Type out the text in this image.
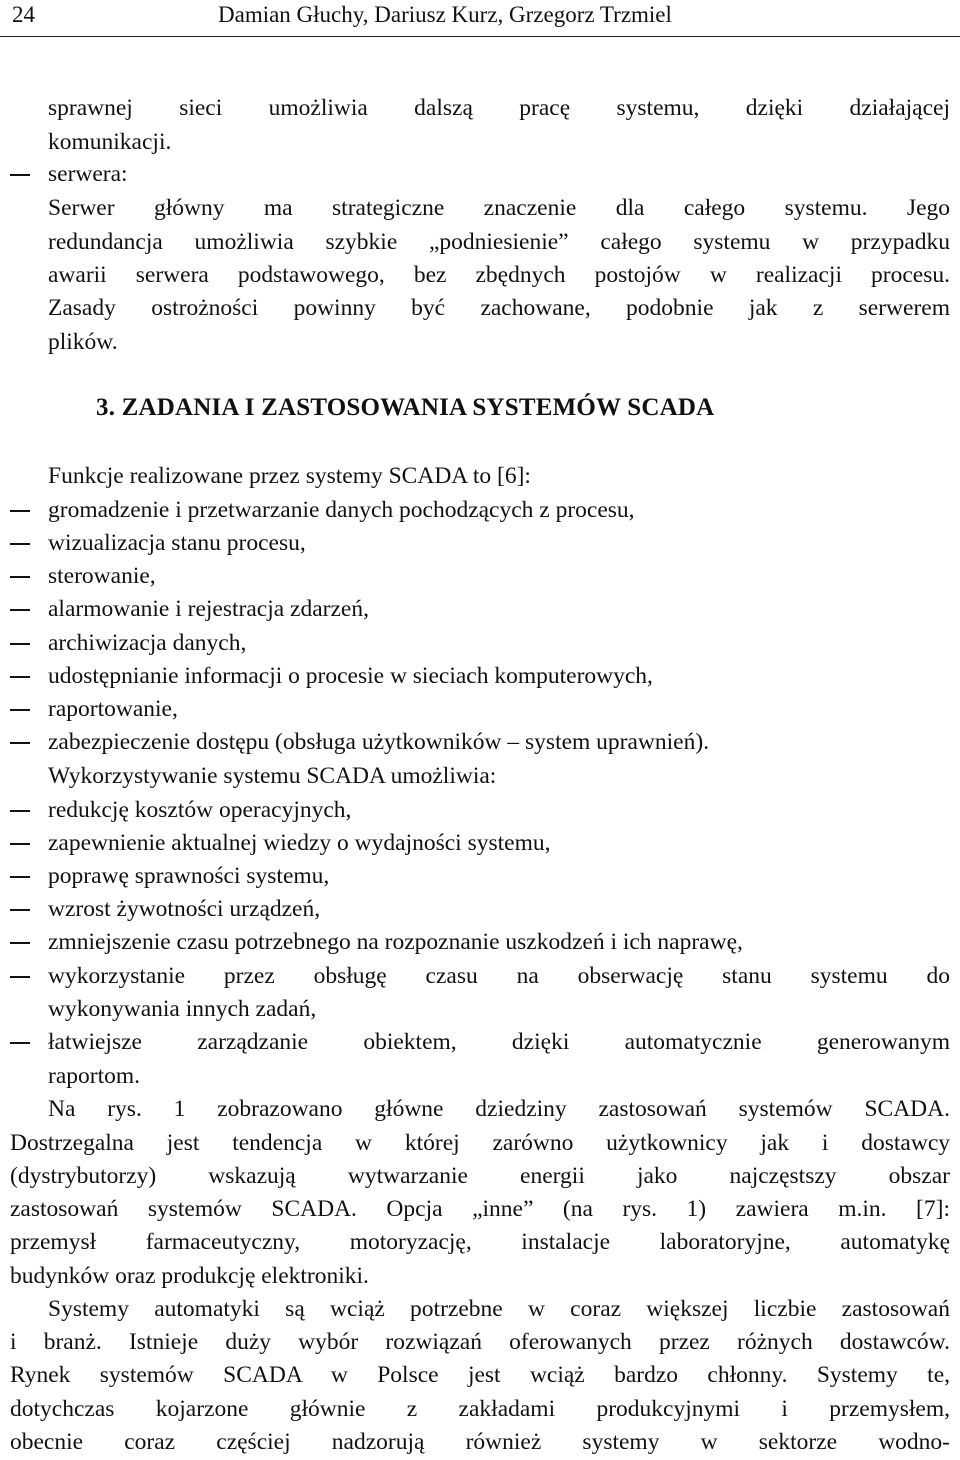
24	Damian Głuchy, Dariusz Kurz, Grzegorz Trzmiel
sprawnej sieci umożliwia dalszą pracę systemu, dzięki działającej
komunikacji.
serwera:
Serwer główny ma strategiczne znaczenie dla całego systemu. Jego
redundancja umożliwia szybkie „podniesienie” całego systemu w przypadku
awarii serwera podstawowego, bez zbędnych postojów w realizacji procesu.
Zasady ostrożności powinny być zachowane, podobnie jak z serwerem
plików.
3. ZADANIA I ZASTOSOWANIA SYSTEMÓW SCADA
Funkcje realizowane przez systemy SCADA to [6]:
gromadzenie i przetwarzanie danych pochodzących z procesu,
wizualizacja stanu procesu,
sterowanie,
alarmowanie i rejestracja zdarzeń,
archiwizacja danych,
udostępnianie informacji o procesie w sieciach komputerowych,
raportowanie,
zabezpieczenie dostępu (obsługa użytkowników – system uprawnień).
Wykorzystywanie systemu SCADA umożliwia:
redukcję kosztów operacyjnych,
zapewnienie aktualnej wiedzy o wydajności systemu,
poprawę sprawności systemu,
wzrost żywotności urządzeń,
zmniejszenie czasu potrzebnego na rozpoznanie uszkodzeń i ich naprawę,
wykorzystanie przez obsługę czasu na obserwację stanu systemu do
wykonywania innych zadań,
łatwiejsze zarządzanie obiektem, dzięki automatycznie generowanym
raportom.
Na rys. 1 zobrazowano główne dziedziny zastosowań systemów SCADA.
Dostrzegalna jest tendencja w której zarówno użytkownicy jak i dostawcy
(dystrybutorzy) wskazują wytwarzanie energii jako najczęstszy obszar
zastosowań systemów SCADA. Opcja „inne” (na rys. 1) zawiera m.in. [7]:
przemysł farmaceutyczny, motoryzację, instalacje laboratoryjne, automatykę
budynków oraz produkcję elektroniki.
Systemy automatyki są wciąż potrzebne w coraz większej liczbie zastosowań
i branż. Istnieje duży wybór rozwiązań oferowanych przez różnych dostawców.
Rynek systemów SCADA w Polsce jest wciąż bardzo chłonny. Systemy te,
dotychczas kojarzone głównie z zakładami produkcyjnymi i przemysłem,
obecnie coraz częściej nadzorują również systemy w sektorze wodno-
